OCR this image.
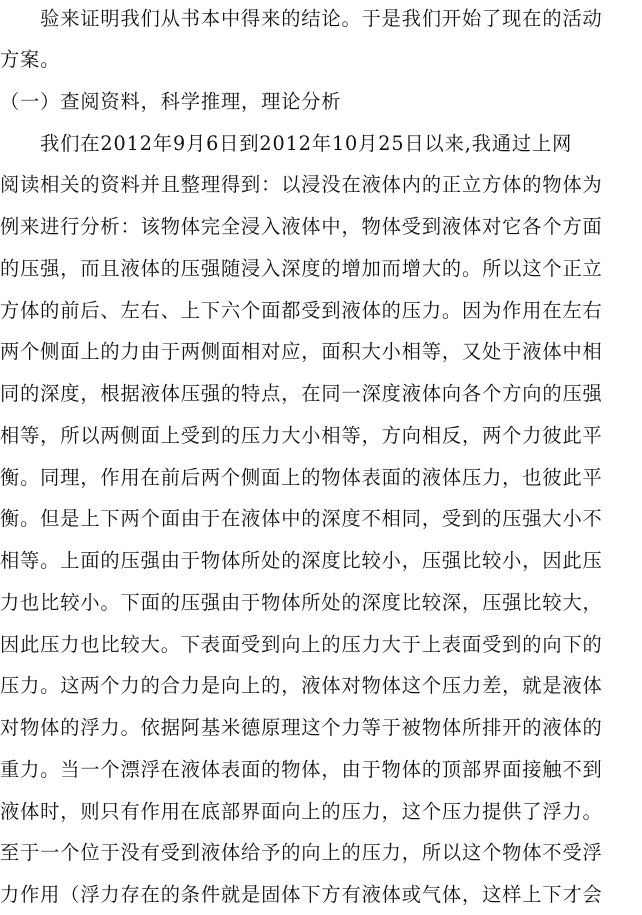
　　验来证明我们从书本中得来的结论。于是我们开始了现在的活动
方案。
（一）查阅资料，科学推理，理论分析
　　我们在2012年9月6日到2012年10月25日以来,我通过上网
阅读相关的资料并且整理得到：以浸没在液体内的正立方体的物体为
例来进行分析：该物体完全浸入液体中，物体受到液体对它各个方面
的压强，而且液体的压强随浸入深度的增加而增大的。所以这个正立
方体的前后、左右、上下六个面都受到液体的压力。因为作用在左右
两个侧面上的力由于两侧面相对应，面积大小相等，又处于液体中相
同的深度，根据液体压强的特点，在同一深度液体向各个方向的压强
相等，所以两侧面上受到的压力大小相等，方向相反，两个力彼此平
衡。同理，作用在前后两个侧面上的物体表面的液体压力，也彼此平
衡。但是上下两个面由于在液体中的深度不相同，受到的压强大小不
相等。上面的压强由于物体所处的深度比较小，压强比较小，因此压
力也比较小。下面的压强由于物体所处的深度比较深，压强比较大，
因此压力也比较大。下表面受到向上的压力大于上表面受到的向下的
压力。这两个力的合力是向上的，液体对物体这个压力差，就是液体
对物体的浮力。依据阿基米德原理这个力等于被物体所排开的液体的
重力。当一个漂浮在液体表面的物体，由于物体的顶部界面接触不到
液体时，则只有作用在底部界面向上的压力，这个压力提供了浮力。
至于一个位于没有受到液体给予的向上的压力，所以这个物体不受浮
力作用（浮力存在的条件就是固体下方有液体或气体，这样上下才会
